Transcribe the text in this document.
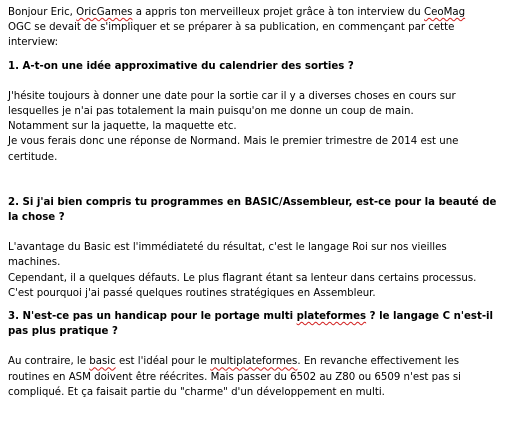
Bonjour Eric, OricGames a appris ton merveilleux projet grâce à ton interview du CeoMag
OGC se devait de s'impliquer et se préparer à sa publication, en commençant par cette
interview:
1. A-t-on une idée approximative du calendrier des sorties ?
J'hésite toujours à donner une date pour la sortie car il y a diverses choses en cours sur
lesquelles je n'ai pas totalement la main puisqu'on me donne un coup de main.
Notamment sur la jaquette, la maquette etc.
Je vous ferais donc une réponse de Normand. Mais le premier trimestre de 2014 est une
certitude.
2. Si j'ai bien compris tu programmes en BASIC/Assembleur, est-ce pour la beauté de
la chose ?
L'avantage du Basic est l'immédiateté du résultat, c'est le langage Roi sur nos vieilles
machines.
Cependant, il a quelques défauts. Le plus flagrant étant sa lenteur dans certains processus.
C'est pourquoi j'ai passé quelques routines stratégiques en Assembleur.
3. N'est-ce pas un handicap pour le portage multi plateformes ? le langage C n'est-il
pas plus pratique ?
Au contraire, le basic est l'idéal pour le multiplateformes. En revanche effectivement les
routines en ASM doivent être réécrites. Mais passer du 6502 au Z80 ou 6509 n'est pas si
compliqué. Et ça faisait partie du "charme" d'un développement en multi.
